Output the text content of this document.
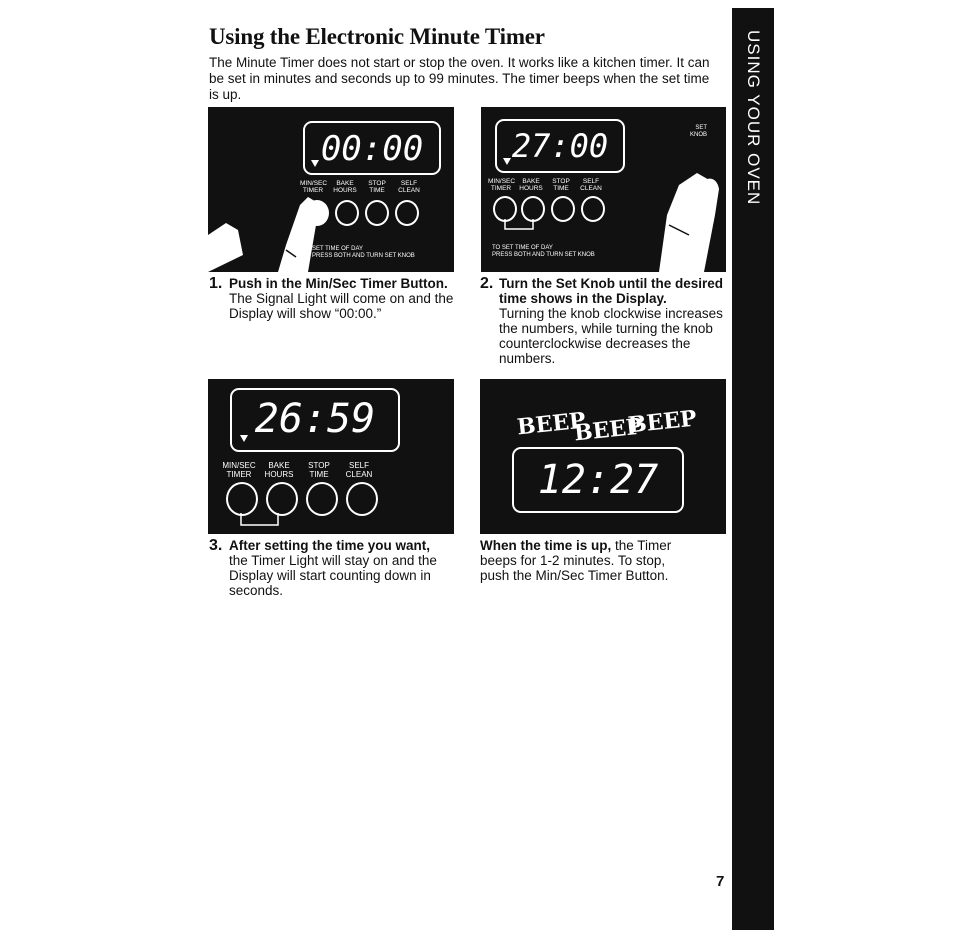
Using the Electronic Minute Timer
The Minute Timer does not start or stop the oven. It works like a kitchen timer. It can be set in minutes and seconds up to 99 minutes. The timer beeps when the set time is up.	USING YOUR OVEN
7
00:00
MIN/SEC
TIMER
BAKE
HOURS
STOP
TIME
SELF
CLEAN
SET TIME OF DAY
PRESS BOTH AND TURN SET KNOB
27:00	SET
KNOB
MIN/SEC
TIMER
BAKE
HOURS
STOP
TIME
SELF
CLEAN
TO SET TIME OF DAY
PRESS BOTH AND TURN SET KNOB
1. Push in the Min/Sec Timer Button.
The Signal Light will come on and the Display will show “00:00.”
2. Turn the Set Knob until the desired time shows in the Display.
Turning the knob clockwise increases the numbers, while turning the knob counterclockwise decreases the numbers.
26:59
MIN/SEC
TIMER
BAKE
HOURS
STOP
TIME
SELF
CLEAN
BEEP
BEEP
BEEP
12:27
3. After setting the time you want,
the Timer Light will stay on and the Display will start counting down in seconds.
When the time is up, the Timer beeps for 1-2 minutes. To stop, push the Min/Sec Timer Button.
